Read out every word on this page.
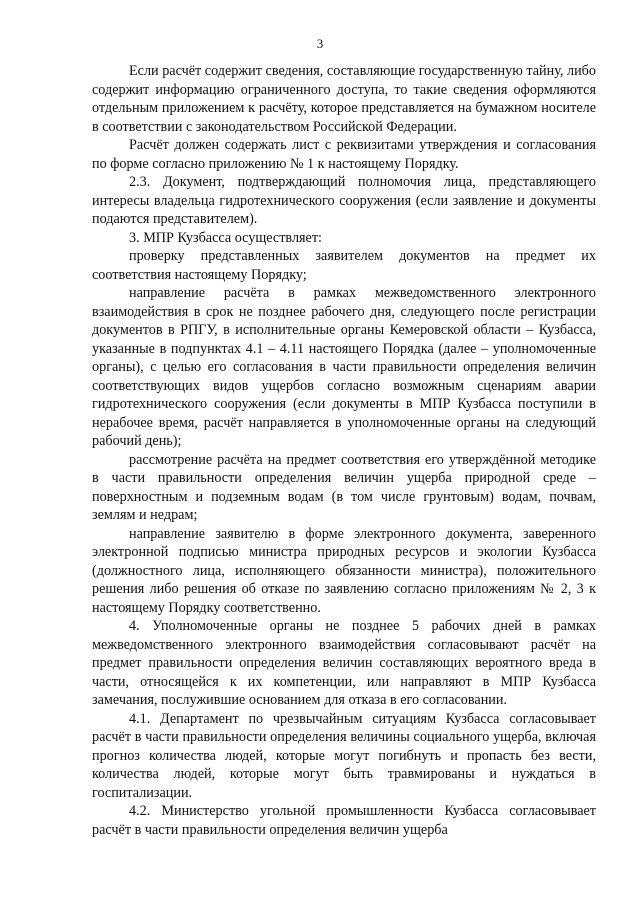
3

Если расчёт содержит сведения, составляющие государственную тайну, либо содержит информацию ограниченного доступа, то такие сведения оформляются отдельным приложением к расчёту, которое представляется на бумажном носителе в соответствии с законодательством Российской Федерации.

Расчёт должен содержать лист с реквизитами утверждения и согласования по форме согласно приложению № 1 к настоящему Порядку.

2.3. Документ, подтверждающий полномочия лица, представляющего интересы владельца гидротехнического сооружения (если заявление и документы подаются представителем).

3. МПР Кузбасса осуществляет:

проверку представленных заявителем документов на предмет их соответствия настоящему Порядку;

направление расчёта в рамках межведомственного электронного взаимодействия в срок не позднее рабочего дня, следующего после регистрации документов в РПГУ, в исполнительные органы Кемеровской области – Кузбасса, указанные в подпунктах 4.1 – 4.11 настоящего Порядка (далее – уполномоченные органы), с целью его согласования в части правильности определения величин соответствующих видов ущербов согласно возможным сценариям аварии гидротехнического сооружения (если документы в МПР Кузбасса поступили в нерабочее время, расчёт направляется в уполномоченные органы на следующий рабочий день);

рассмотрение расчёта на предмет соответствия его утверждённой методике в части правильности определения величин ущерба природной среде – поверхностным и подземным водам (в том числе грунтовым) водам, почвам, землям и недрам;

направление заявителю в форме электронного документа, заверенного электронной подписью министра природных ресурсов и экологии Кузбасса (должностного лица, исполняющего обязанности министра), положительного решения либо решения об отказе по заявлению согласно приложениям № 2, 3 к настоящему Порядку соответственно.

4. Уполномоченные органы не позднее 5 рабочих дней в рамках межведомственного электронного взаимодействия согласовывают расчёт на предмет правильности определения величин составляющих вероятного вреда в части, относящейся к их компетенции, или направляют в МПР Кузбасса замечания, послужившие основанием для отказа в его согласовании.

4.1. Департамент по чрезвычайным ситуациям Кузбасса согласовывает расчёт в части правильности определения величины социального ущерба, включая прогноз количества людей, которые могут погибнуть и пропасть без вести, количества людей, которые могут быть травмированы и нуждаться в госпитализации.

4.2. Министерство угольной промышленности Кузбасса согласовывает расчёт в части правильности определения величин ущерба
